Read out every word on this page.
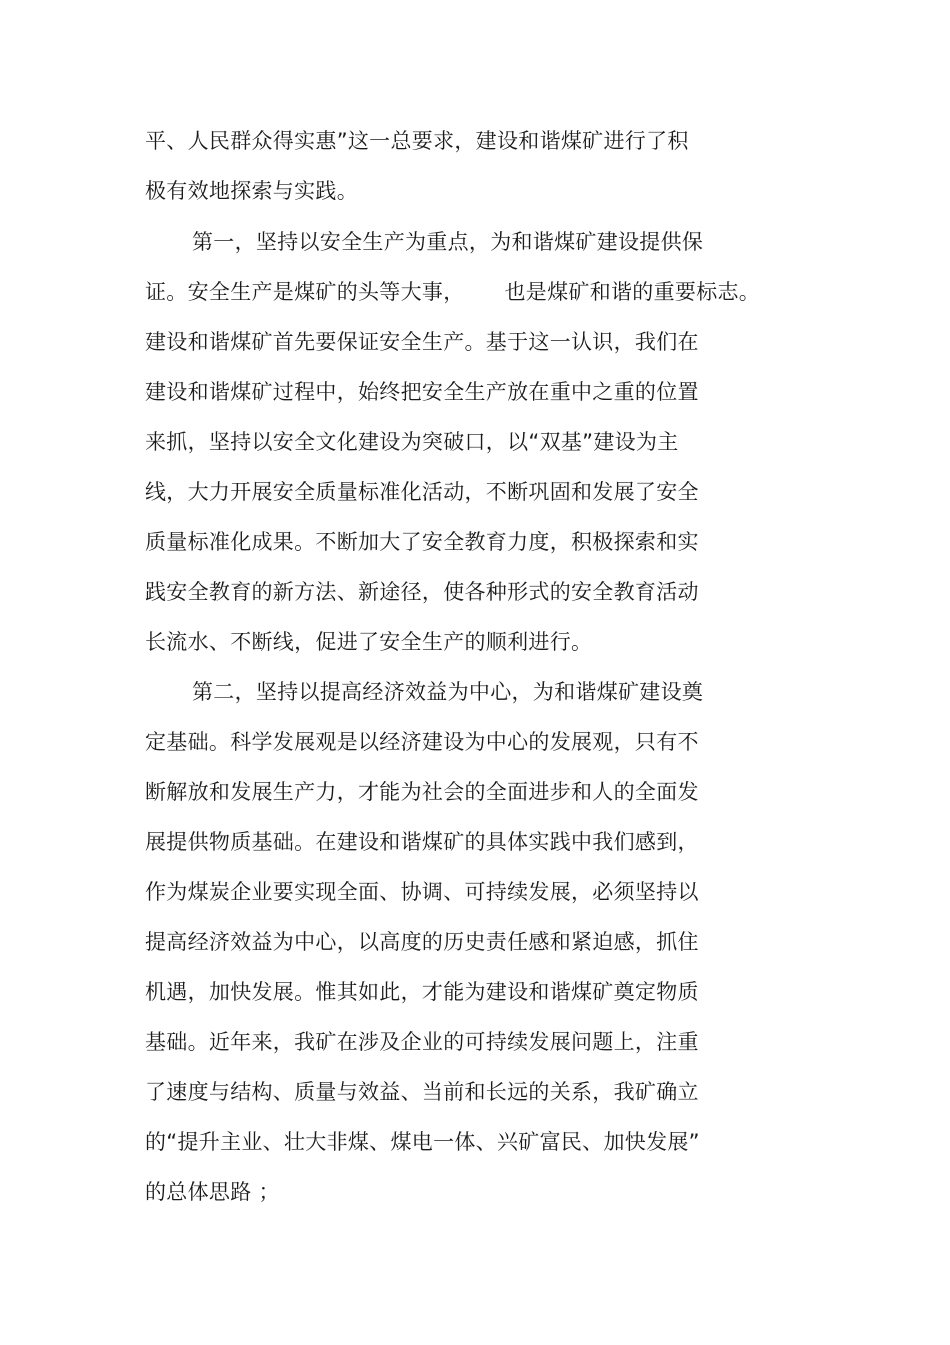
平、人民群众得实惠”这一总要求，建设和谐煤矿进行了积
极有效地探索与实践。
第一，坚持以安全生产为重点，为和谐煤矿建设提供保
证。安全生产是煤矿的头等大事， 也是煤矿和谐的重要标志。
建设和谐煤矿首先要保证安全生产。基于这一认识，我们在
建设和谐煤矿过程中，始终把安全生产放在重中之重的位置
来抓，坚持以安全文化建设为突破口，以“双基”建设为主
线，大力开展安全质量标准化活动，不断巩固和发展了安全
质量标准化成果。不断加大了安全教育力度，积极探索和实
践安全教育的新方法、新途径，使各种形式的安全教育活动
长流水、不断线，促进了安全生产的顺利进行。
第二，坚持以提高经济效益为中心，为和谐煤矿建设奠
定基础。科学发展观是以经济建设为中心的发展观，只有不
断解放和发展生产力，才能为社会的全面进步和人的全面发
展提供物质基础。在建设和谐煤矿的具体实践中我们感到，
作为煤炭企业要实现全面、协调、可持续发展，必须坚持以
提高经济效益为中心，以高度的历史责任感和紧迫感，抓住
机遇，加快发展。惟其如此，才能为建设和谐煤矿奠定物质
基础。近年来，我矿在涉及企业的可持续发展问题上，注重
了速度与结构、质量与效益、当前和长远的关系，我矿确立
的“提升主业、壮大非煤、煤电一体、兴矿富民、加快发展”
的总体思路 ；
